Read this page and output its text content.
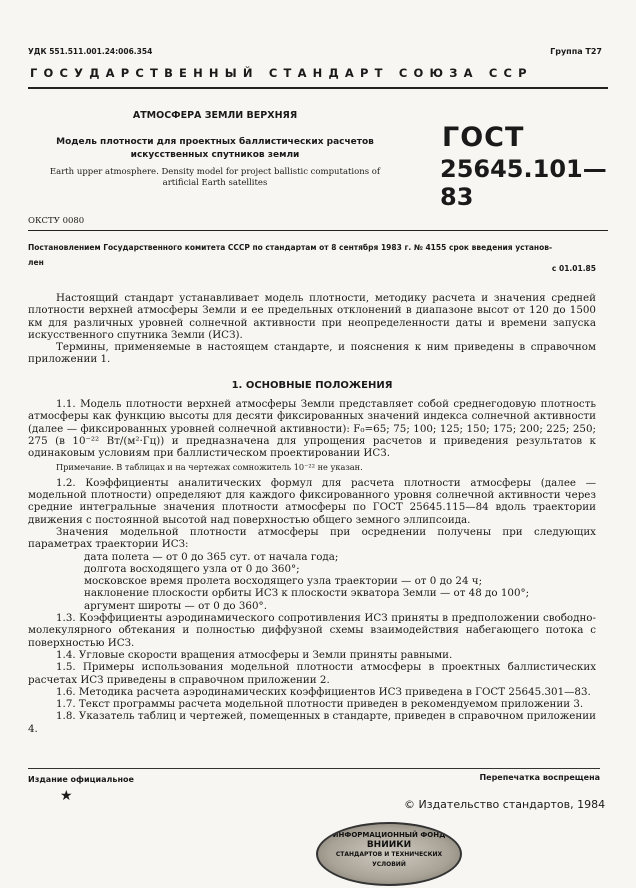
УДК 551.511.001.24:006.354	Группа Т27
ГОСУДАРСТВЕННЫЙ СТАНДАРТ СОЮЗА ССР
АТМОСФЕРА ЗЕМЛИ ВЕРХНЯЯ
Модель плотности для проектных баллистических расчетов
искусственных спутников земли
Earth upper atmosphere. Density model for project ballistic computations of
artificial Earth satellites
ГОСТ
25645.101—83
ОКСТУ 0080
Постановлением Государственного комитета СССР по стандартам от 8 сентября 1983 г. № 4155 срок введения установ-
лен
с 01.01.85

Настоящий стандарт устанавливает модель плотности, методику расчета и значения средней плотности верхней атмосферы Земли и ее предельных отклонений в диапазоне высот от 120 до 1500 км для различных уровней солнечной активности при неопределенности даты и времени запуска искусственного спутника Земли (ИСЗ).

Термины, применяемые в настоящем стандарте, и пояснения к ним приведены в справочном приложении 1.

1. ОСНОВНЫЕ ПОЛОЖЕНИЯ

1.1. Модель плотности верхней атмосферы Земли представляет собой среднегодовую плотность атмосферы как функцию высоты для десяти фиксированных значений индекса солнечной активности (далее — фиксированных уровней солнечной активности): F₀=65; 75; 100; 125; 150; 175; 200; 225; 250; 275 (в 10⁻²² Вт/(м²·Гц)) и предназначена для упрощения расчетов и приведения результатов к одинаковым условиям при баллистическом проектировании ИСЗ.

Примечание. В таблицах и на чертежах сомножитель 10⁻²² не указан.

1.2. Коэффициенты аналитических формул для расчета плотности атмосферы (далее — модельной плотности) определяют для каждого фиксированного уровня солнечной активности через средние интегральные значения плотности атмосферы по ГОСТ 25645.115—84 вдоль траектории движения с постоянной высотой над поверхностью общего земного эллипсоида.

Значения модельной плотности атмосферы при осреднении получены при следующих параметрах траектории ИСЗ:

дата полета — от 0 до 365 сут. от начала года;

долгота восходящего узла от 0 до 360°;

московское время пролета восходящего узла траектории — от 0 до 24 ч;

наклонение плоскости орбиты ИСЗ к плоскости экватора Земли — от 48 до 100°;

аргумент широты — от 0 до 360°.

1.3. Коэффициенты аэродинамического сопротивления ИСЗ приняты в предположении свободно-молекулярного обтекания и полностью диффузной схемы взаимодействия набегающего потока с поверхностью ИСЗ.

1.4. Угловые скорости вращения атмосферы и Земли приняты равными.

1.5. Примеры использования модельной плотности атмосферы в проектных баллистических расчетах ИСЗ приведены в справочном приложении 2.

1.6. Методика расчета аэродинамических коэффициентов ИСЗ приведена в ГОСТ 25645.301—83.

1.7. Текст программы расчета модельной плотности приведен в рекомендуемом приложении 3.

1.8. Указатель таблиц и чертежей, помещенных в стандарте, приведен в справочном приложении 4.

Издание официальное
★
Перепечатка воспрещена
© Издательство стандартов, 1984
ИНФОРМАЦИОННЫЙ ФОНД
ВНИИКИ
СТАНДАРТОВ И ТЕХНИЧЕСКИХ УСЛОВИЙ
